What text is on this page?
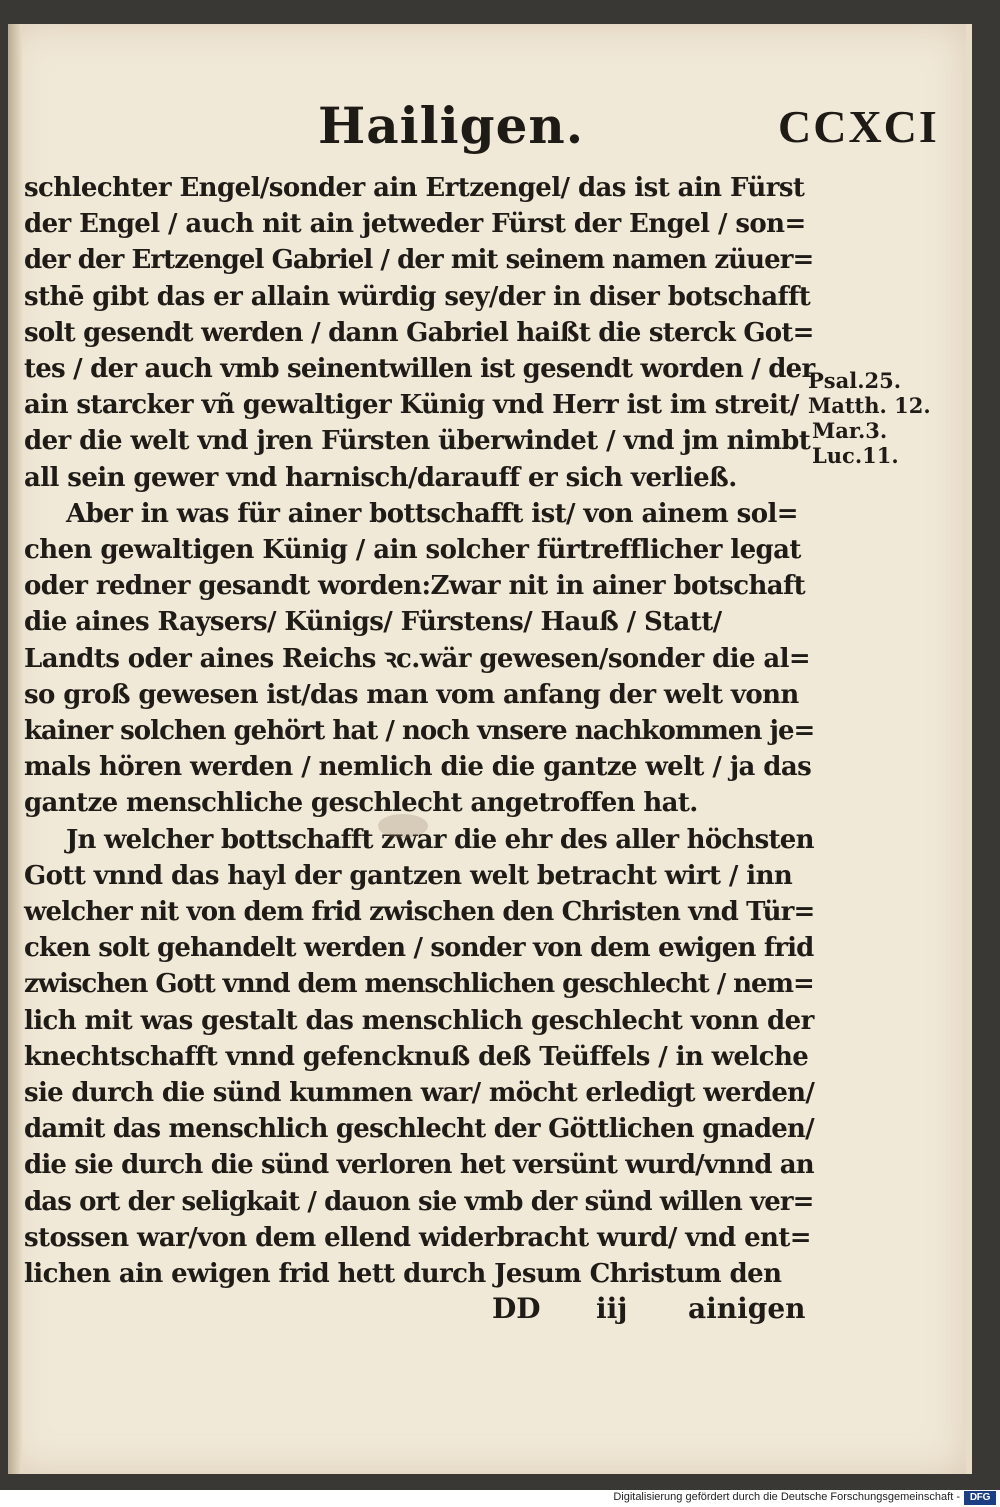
Hailigen.	CCXCI
schlechter Engel/sonder ain Ertzengel/ das ist ain Fürst
der Engel / auch nit ain jetweder Fürst der Engel / son=
der der Ertzengel Gabriel / der mit seinem namen züuer=
sthē gibt das er allain würdig sey/der in diser botschafft
solt gesendt werden / dann Gabriel haißt die sterck Got=
tes / der auch vmb seinentwillen ist gesendt worden / der
ain starcker vñ gewaltiger Künig vnd Herr ist im streit/
der die welt vnd jren Fürsten überwindet / vnd jm nimbt
all sein gewer vnd harnisch/darauff er sich verließ.
Aber in was für ainer bottschafft ist/ von ainem sol=
chen gewaltigen Künig / ain solcher fürtrefflicher legat
oder redner gesandt worden:Zwar nit in ainer botschaft
die aines Raysers/ Künigs/ Fürstens/ Hauß / Statt/
Landts oder aines Reichs ꝛc.wär gewesen/sonder die al=
so groß gewesen ist/das man vom anfang der welt vonn
kainer solchen gehört hat / noch vnsere nachkommen je=
mals hören werden / nemlich die die gantze welt / ja das
gantze menschliche geschlecht angetroffen hat.
Jn welcher bottschafft zwar die ehr des aller höchsten
Gott vnnd das hayl der gantzen welt betracht wirt / inn
welcher nit von dem frid zwischen den Christen vnd Tür=
cken solt gehandelt werden / sonder von dem ewigen frid
zwischen Gott vnnd dem menschlichen geschlecht / nem=
lich mit was gestalt das menschlich geschlecht vonn der
knechtschafft vnnd gefencknuß deß Teüffels / in welche
sie durch die sünd kummen war/ möcht erledigt werden/
damit das menschlich geschlecht der Göttlichen gnaden/
die sie durch die sünd verloren het versünt wurd/vnnd an
das ort der seligkait / dauon sie vmb der sünd willen ver=
stossen war/von dem ellend widerbracht wurd/ vnd ent=
lichen ain ewigen frid hett durch Jesum Christum den
Psal.25.
Matth. 12.
Mar.3.
Luc.11.
DD iij ainigen
Digitalisierung gefördert durch die Deutsche Forschungsgemeinschaft - DFG
